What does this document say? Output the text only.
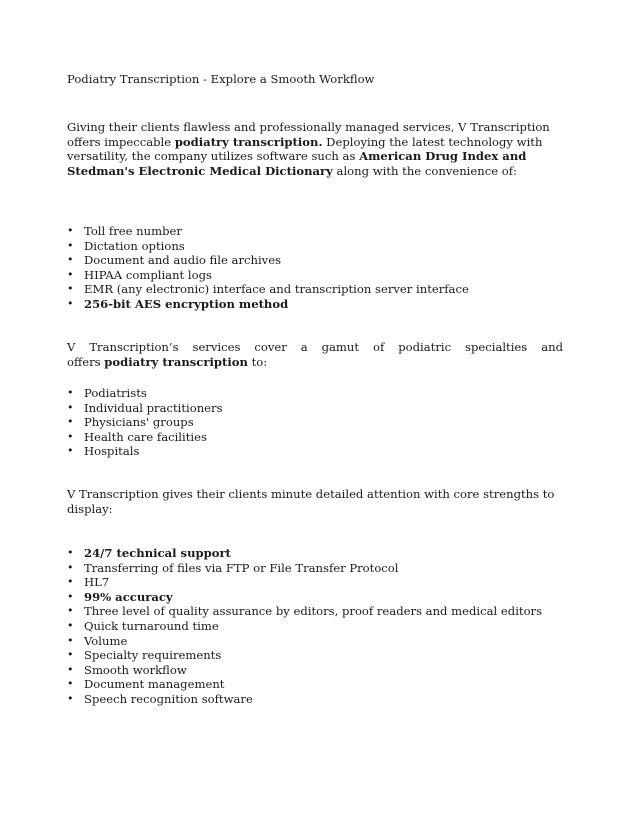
Podiatry Transcription - Explore a Smooth Workflow

Giving their clients flawless and professionally managed services, V Transcription offers impeccable podiatry transcription. Deploying the latest technology with versatility, the company utilizes software such as American Drug Index and Stedman's Electronic Medical Dictionary along with the convenience of:

• Toll free number
• Dictation options
• Document and audio file archives
• HIPAA compliant logs
• EMR (any electronic) interface and transcription server interface
• 256-bit AES encryption method

V Transcription’s services cover a gamut of podiatric specialties and
offers podiatry transcription to:

• Podiatrists
• Individual practitioners
• Physicians' groups
• Health care facilities
• Hospitals

V Transcription gives their clients minute detailed attention with core strengths to display:

• 24/7 technical support
• Transferring of files via FTP or File Transfer Protocol
• HL7
• 99% accuracy
• Three level of quality assurance by editors, proof readers and medical editors
• Quick turnaround time
• Volume
• Specialty requirements
• Smooth workflow
• Document management
• Speech recognition software
